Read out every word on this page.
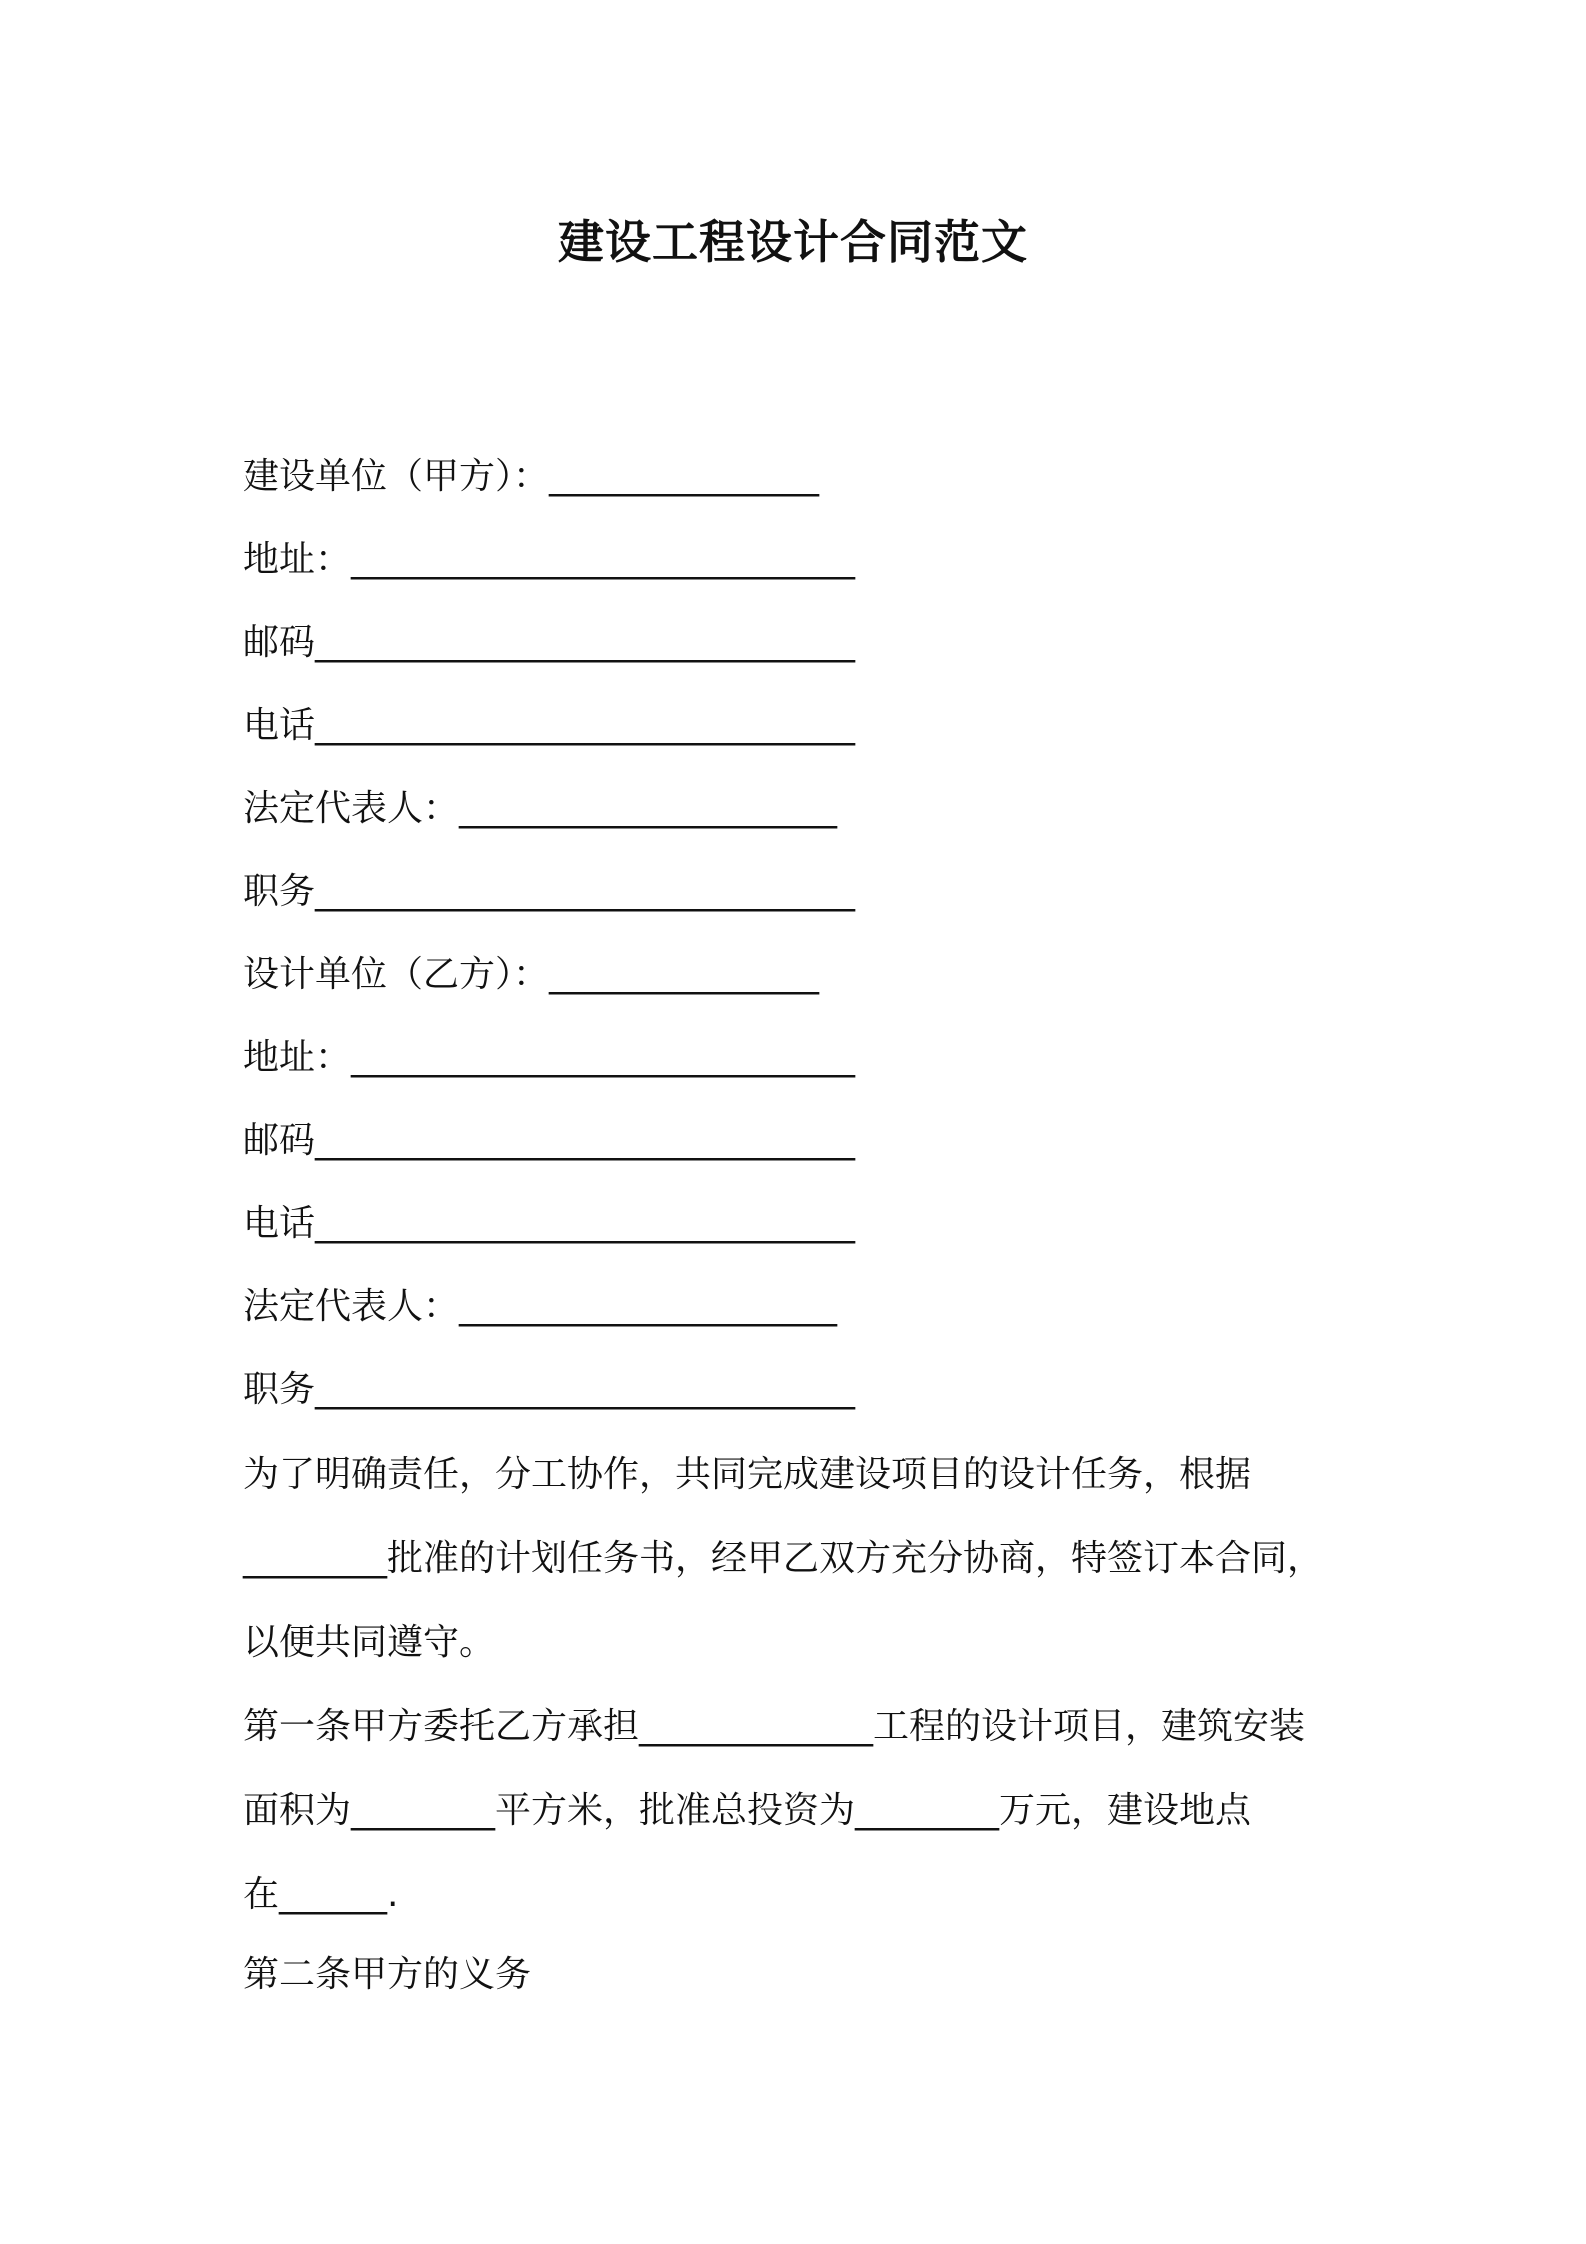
建设工程设计合同范文
建设单位（甲方）：_______________
地址：____________________________
邮码______________________________
电话______________________________
法定代表人：_____________________
职务______________________________
设计单位（乙方）：_______________
地址：____________________________
邮码______________________________
电话______________________________
法定代表人：_____________________
职务______________________________
为了明确责任，分工协作，共同完成建设项目的设计任务，根据
________批准的计划任务书，经甲乙双方充分协商，特签订本合同，
以便共同遵守。
第一条甲方委托乙方承担_____________工程的设计项目，建筑安装
面积为________平方米，批准总投资为________万元，建设地点
在______.
第二条甲方的义务
